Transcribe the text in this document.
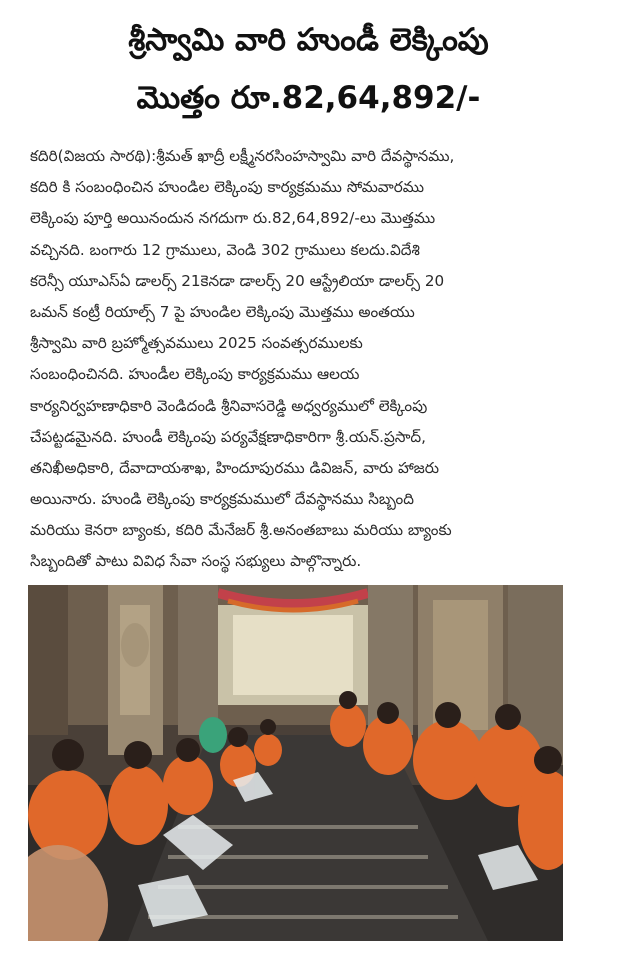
శ్రీస్వామి వారి హుండీ లెక్కింపు
మొత్తం రూ.82,64,892/-
కదిరి(విజయ సారథి):శ్రీమత్ ఖాద్రీ లక్ష్మీనరసింహస్వామి వారి దేవస్థానము,
కదిరి కి సంబంధించిన హుండిల లెక్కింపు కార్యక్రమము సోమవారము
లెక్కింపు పూర్తి అయినందున నగదుగా రు.82,64,892/-లు మొత్తము
వచ్చినది. బంగారు 12 గ్రాములు, వెండి 302 గ్రాములు కలదు.విదేశి
కరెన్సీ యూఎస్ఏ డాలర్స్ 21కెనడా డాలర్స్ 20 ఆస్ట్రేలియా డాలర్స్ 20
ఒమన్ కంట్రీ రియాల్స్ 7 పై హుండిల లెక్కింపు మొత్తము అంతయు
శ్రీస్వామి వారి బ్రహ్మోత్సవములు 2025 సంవత్సరములకు
సంబంధించినది. హుండీల లెక్కింపు కార్యక్రమము ఆలయ
కార్యనిర్వహణాధికారి వెండిదండి శ్రీనివాసరెడ్డి అధ్వర్యములో లెక్కింపు
చేపట్టడమైనది. హుండీ లెక్కింపు పర్యవేక్షణాధికారిగా శ్రీ.యన్.ప్రసాద్,
తనిఖీఅధికారి, దేవాదాయశాఖ, హిందూపురము డివిజన్, వారు హాజరు
అయినారు. హుండి లెక్కింపు కార్యక్రమములో దేవస్థానము సిబ్బంది
మరియు కెనరా బ్యాంకు, కదిరి మేనేజర్ శ్రీ.అనంతబాబు మరియు బ్యాంకు
సిబ్బందితో పాటు వివిధ సేవా సంస్థ సభ్యులు పాల్గొన్నారు.
